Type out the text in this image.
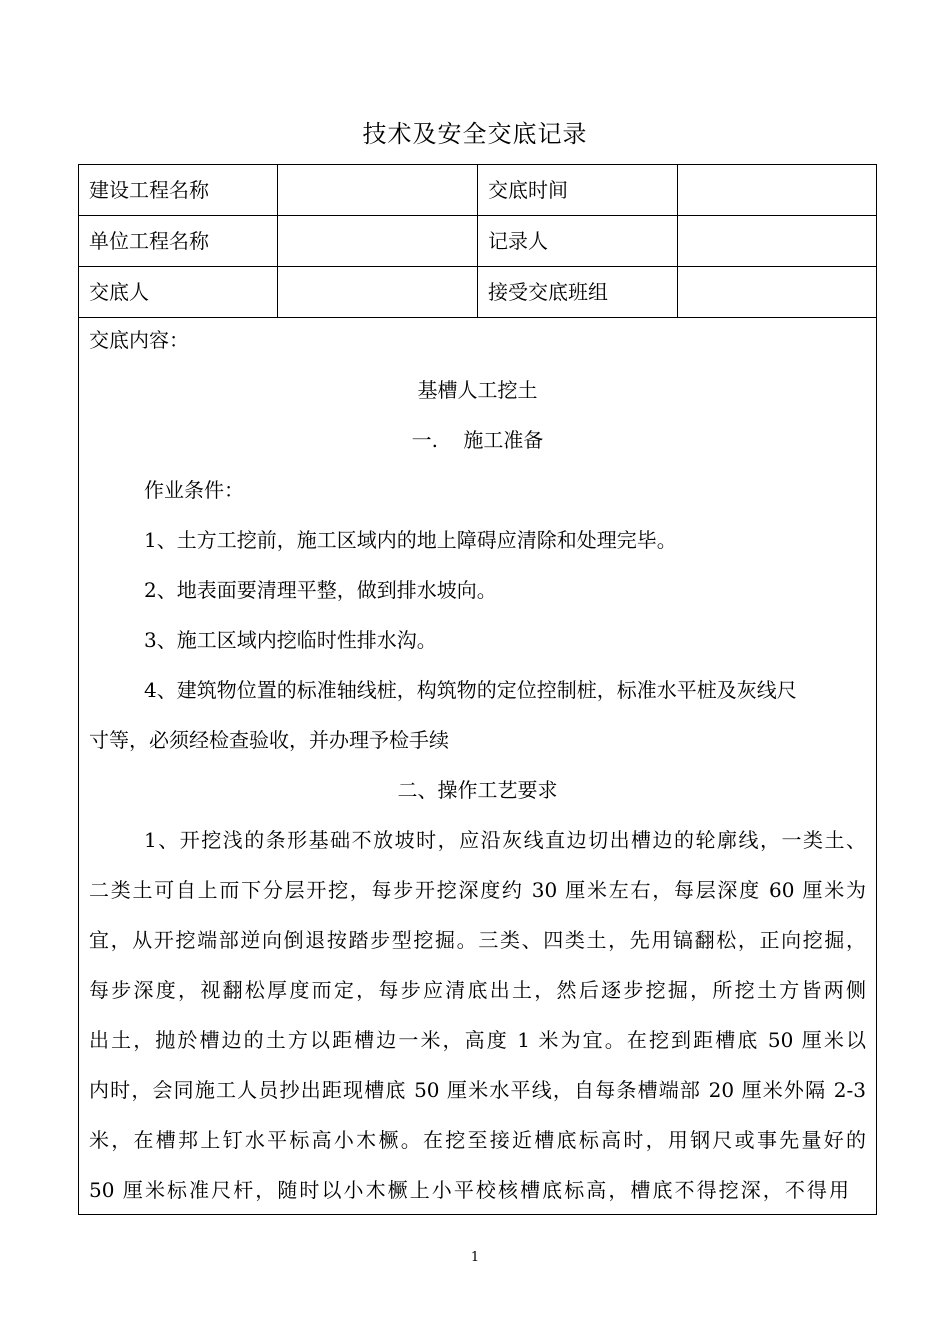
技术及安全交底记录
建设工程名称	交底时间
单位工程名称	记录人
交底人	接受交底班组
交底内容：
基槽人工挖土
一.    施工准备
作业条件：
1、土方工挖前，施工区域内的地上障碍应清除和处理完毕。
2、地表面要清理平整，做到排水坡向。
3、施工区域内挖临时性排水沟。
4、建筑物位置的标准轴线桩，构筑物的定位控制桩，标准水平桩及灰线尺
寸等，必须经检查验收，并办理予检手续
二、操作工艺要求
1、开挖浅的条形基础不放坡时，应沿灰线直边切出槽边的轮廓线，一类土、
二类土可自上而下分层开挖，每步开挖深度约 30 厘米左右，每层深度 60 厘米为
宜，从开挖端部逆向倒退按踏步型挖掘。三类、四类土，先用镐翻松，正向挖掘，
每步深度，视翻松厚度而定，每步应清底出土，然后逐步挖掘，所挖土方皆两侧
出土，抛於槽边的土方以距槽边一米，高度 1 米为宜。在挖到距槽底 50 厘米以
内时，会同施工人员抄出距现槽底 50 厘米水平线，自每条槽端部 20 厘米外隔 2-3
米，在槽邦上钉水平标高小木橛。在挖至接近槽底标高时，用钢尺或事先量好的
50 厘米标准尺杆，随时以小木橛上小平校核槽底标高，槽底不得挖深，不得用
1
